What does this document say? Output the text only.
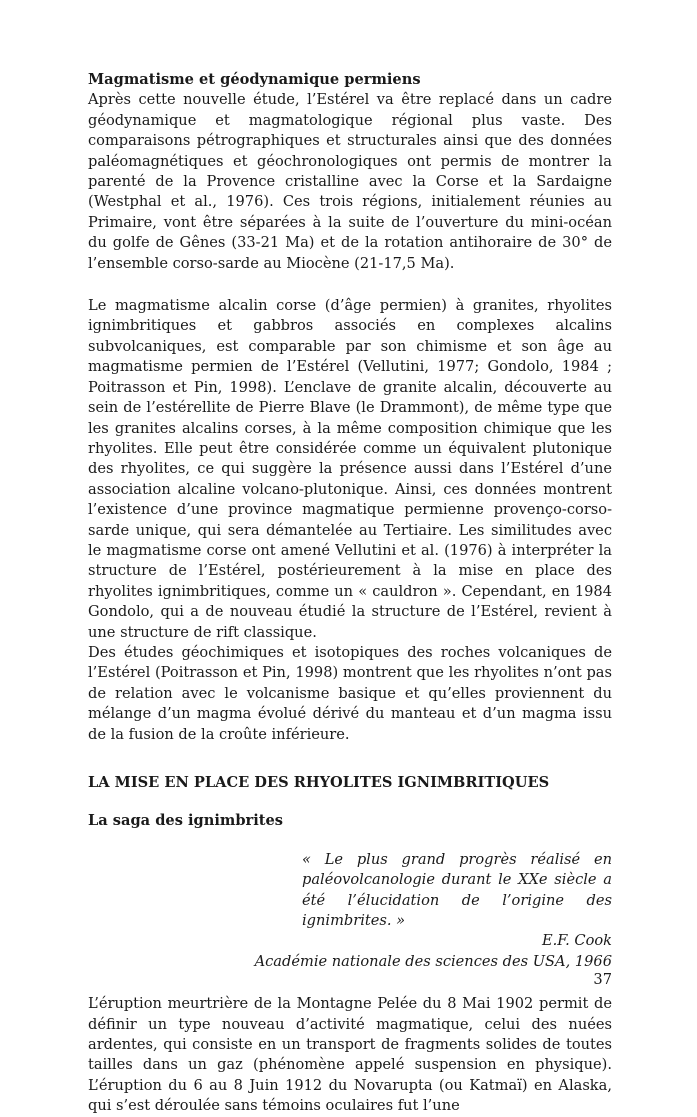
Magmatisme et géodynamique permiens

Après cette nouvelle étude, l’Estérel va être replacé dans un cadre géodynamique et magmatologique régional plus vaste. Des comparaisons pétrographiques et structurales ainsi que des données paléomagnétiques et géochronologiques ont permis de montrer la parenté de la Provence cristalline avec la Corse et la Sardaigne (Westphal et al., 1976). Ces trois régions, initialement réunies au Primaire, vont être séparées à la suite de l’ouverture du mini-océan du golfe de Gênes (33-21 Ma) et de la rotation antihoraire de 30° de l’ensemble corso-sarde au Miocène (21-17,5 Ma).

Le magmatisme alcalin corse (d’âge permien) à granites, rhyolites ignimbritiques et gabbros associés en complexes alcalins subvolcaniques, est comparable par son chimisme et son âge au magmatisme permien de l’Estérel (Vellutini, 1977; Gondolo, 1984 ; Poitrasson et Pin, 1998). L’enclave de granite alcalin, découverte au sein de l’estérellite de Pierre Blave (le Drammont), de même type que les granites alcalins corses, à la même composition chimique que les rhyolites. Elle peut être considérée comme un équivalent plutonique des rhyolites, ce qui suggère la présence aussi dans l’Estérel d’une association alcaline volcano-plutonique. Ainsi, ces données montrent l’existence d’une province magmatique permienne provenço-corso-sarde unique, qui sera démantelée au Tertiaire. Les similitudes avec le magmatisme corse ont amené Vellutini et al. (1976) à interpréter la structure de l’Estérel, postérieurement à la mise en place des rhyolites ignimbritiques, comme un « cauldron ». Cependant, en 1984 Gondolo, qui a de nouveau étudié la structure de l’Estérel, revient à une structure de rift classique.

Des études géochimiques et isotopiques des roches volcaniques de l’Estérel (Poitrasson et Pin, 1998) montrent que les rhyolites n’ont pas de relation avec le volcanisme basique et qu’elles proviennent du mélange d’un magma évolué dérivé du manteau et d’un magma issu de la fusion de la croûte inférieure.

LA MISE EN PLACE DES RHYOLITES IGNIMBRITIQUES
La saga des ignimbrites

« Le plus grand progrès réalisé en paléovolcanologie durant le XXe siècle a été l’élucidation de l’origine des ignimbrites. »

E.F. Cook

Académie nationale des sciences des USA, 1966

L’éruption meurtrière de la Montagne Pelée du 8 Mai 1902 permit de définir un type nouveau d’activité magmatique, celui des nuées ardentes, qui consiste en un transport de fragments solides de toutes tailles dans un gaz (phénomène appelé suspension en physique). L’éruption du 6 au 8 Juin 1912 du Novarupta (ou Katmaï) en Alaska, qui s’est déroulée sans témoins oculaires fut l’une

37
